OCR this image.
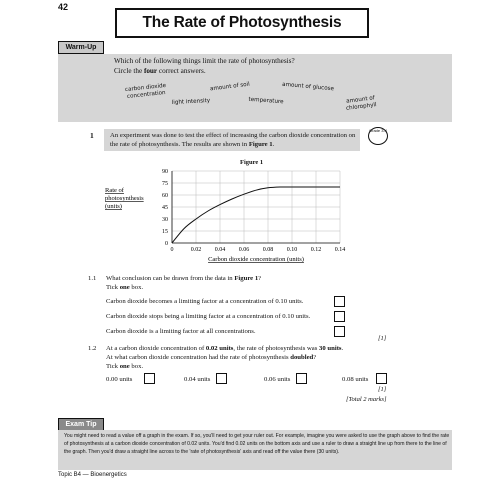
42
The Rate of Photosynthesis
Warm-Up
Which of the following things limit the rate of photosynthesis?
Circle the four correct answers.
carbon dioxide concentration
light intensity
amount of soil
temperature
amount of glucose
amount of chlorophyll
1 An experiment was done to test the effect of increasing the carbon dioxide concentration on the rate of photosynthesis. The results are shown in Figure 1.
Grade 3-4
Figure 1
Rate of
photosynthesis
(units)
0
15
30
45
60
75
90
0	0.02 0.04 0.06 0.08 0.10 0.12 0.14
Carbon dioxide concentration (units)
1.1 What conclusion can be drawn from the data in Figure 1?
Tick one box.
Carbon dioxide becomes a limiting factor at a concentration of 0.10 units.
Carbon dioxide stops being a limiting factor at a concentration of 0.10 units.
Carbon dioxide is a limiting factor at all concentrations.
[1]
1.2 At a carbon dioxide concentration of 0.02 units, the rate of photosynthesis was 30 units.
At what carbon dioxide concentration had the rate of photosynthesis doubled?
Tick one box.
0.00 units	0.04 units	0.06 units	0.08 units
[1]
[Total 2 marks]
Exam Tip
You might need to read a value off a graph in the exam. If so, you'll need to get your ruler out. For example, imagine you were asked to use the graph above to find the rate of photosynthesis at a carbon dioxide concentration of 0.02 units. You'd find 0.02 units on the bottom axis and use a ruler to draw a straight line up from there to the line of the graph. Then you'd draw a straight line across to the 'rate of photosynthesis' axis and read off the value there (30 units).
Topic B4 — Bioenergetics
